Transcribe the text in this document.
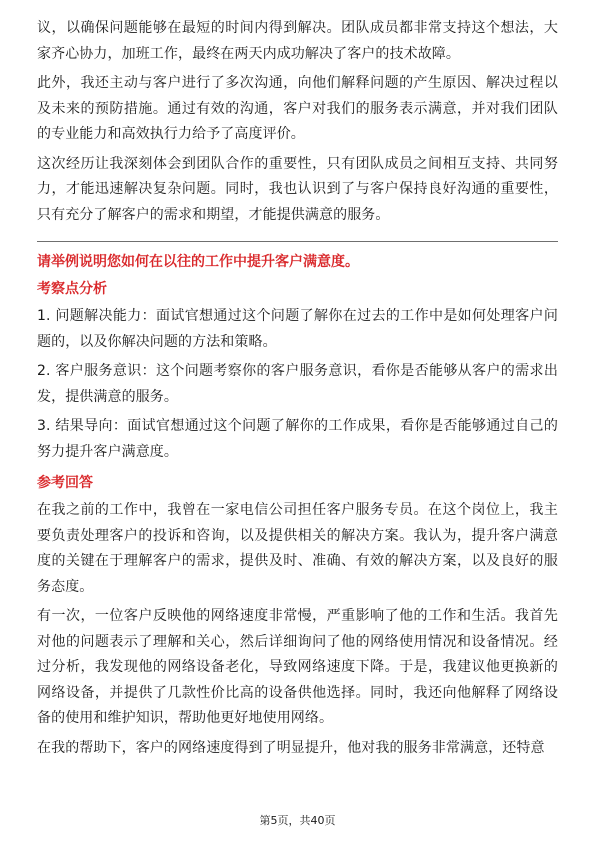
议，以确保问题能够在最短的时间内得到解决。团队成员都非常支持这个想法，大家齐心协力，加班工作，最终在两天内成功解决了客户的技术故障。

此外，我还主动与客户进行了多次沟通，向他们解释问题的产生原因、解决过程以及未来的预防措施。通过有效的沟通，客户对我们的服务表示满意，并对我们团队的专业能力和高效执行力给予了高度评价。

这次经历让我深刻体会到团队合作的重要性，只有团队成员之间相互支持、共同努力，才能迅速解决复杂问题。同时，我也认识到了与客户保持良好沟通的重要性，只有充分了解客户的需求和期望，才能提供满意的服务。

请举例说明您如何在以往的工作中提升客户满意度。
考察点分析

1. 问题解决能力：面试官想通过这个问题了解你在过去的工作中是如何处理客户问题的，以及你解决问题的方法和策略。

2. 客户服务意识：这个问题考察你的客户服务意识，看你是否能够从客户的需求出发，提供满意的服务。

3. 结果导向：面试官想通过这个问题了解你的工作成果，看你是否能够通过自己的努力提升客户满意度。

参考回答

在我之前的工作中，我曾在一家电信公司担任客户服务专员。在这个岗位上，我主要负责处理客户的投诉和咨询，以及提供相关的解决方案。我认为，提升客户满意度的关键在于理解客户的需求，提供及时、准确、有效的解决方案，以及良好的服务态度。

有一次，一位客户反映他的网络速度非常慢，严重影响了他的工作和生活。我首先对他的问题表示了理解和关心，然后详细询问了他的网络使用情况和设备情况。经过分析，我发现他的网络设备老化，导致网络速度下降。于是，我建议他更换新的网络设备，并提供了几款性价比高的设备供他选择。同时，我还向他解释了网络设备的使用和维护知识，帮助他更好地使用网络。

在我的帮助下，客户的网络速度得到了明显提升，他对我的服务非常满意，还特意

第5页，共40页
